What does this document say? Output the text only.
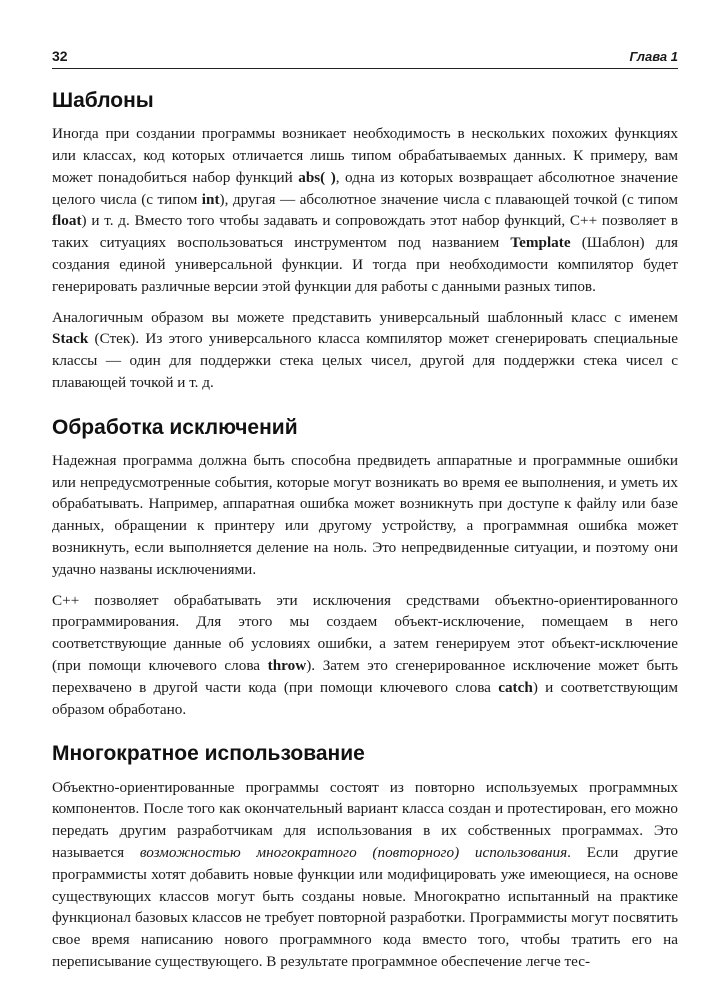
32	Глава 1
Шаблоны

Иногда при создании программы возникает необходимость в нескольких похожих функциях или классах, код которых отличается лишь типом обрабатываемых данных. К примеру, вам может понадобиться набор функций abs( ), одна из которых возвращает абсолютное значение целого числа (с типом int), другая — абсолютное значение числа с плавающей точкой (с типом float) и т. д. Вместо того чтобы задавать и сопровождать этот набор функций, C++ позволяет в таких ситуациях воспользоваться инструментом под названием Template (Шаблон) для создания единой универсальной функции. И тогда при необходимости компилятор будет генерировать различные версии этой функции для работы с данными разных типов.

Аналогичным образом вы можете представить универсальный шаблонный класс с именем Stack (Стек). Из этого универсального класса компилятор может сгенерировать специальные классы — один для поддержки стека целых чисел, другой для поддержки стека чисел с плавающей точкой и т. д.

Обработка исключений

Надежная программа должна быть способна предвидеть аппаратные и программные ошибки или непредусмотренные события, которые могут возникать во время ее выполнения, и уметь их обрабатывать. Например, аппаратная ошибка может возникнуть при доступе к файлу или базе данных, обращении к принтеру или другому устройству, а программная ошибка может возникнуть, если выполняется деление на ноль. Это непредвиденные ситуации, и поэтому они удачно названы исключениями.

C++ позволяет обрабатывать эти исключения средствами объектно-ориентированного программирования. Для этого мы создаем объект-исключение, помещаем в него соответствующие данные об условиях ошибки, а затем генерируем этот объект-исключение (при помощи ключевого слова throw). Затем это сгенерированное исключение может быть перехвачено в другой части кода (при помощи ключевого слова catch) и соответствующим образом обработано.

Многократное использование

Объектно-ориентированные программы состоят из повторно используемых программных компонентов. После того как окончательный вариант класса создан и протестирован, его можно передать другим разработчикам для использования в их собственных программах. Это называется возможностью многократного (повторного) использования. Если другие программисты хотят добавить новые функции или модифицировать уже имеющиеся, на основе существующих классов могут быть созданы новые. Многократно испытанный на практике функционал базовых классов не требует повторной разработки. Программисты могут посвятить свое время написанию нового программного кода вместо того, чтобы тратить его на переписывание существующего. В результате программное обеспечение легче тес-
